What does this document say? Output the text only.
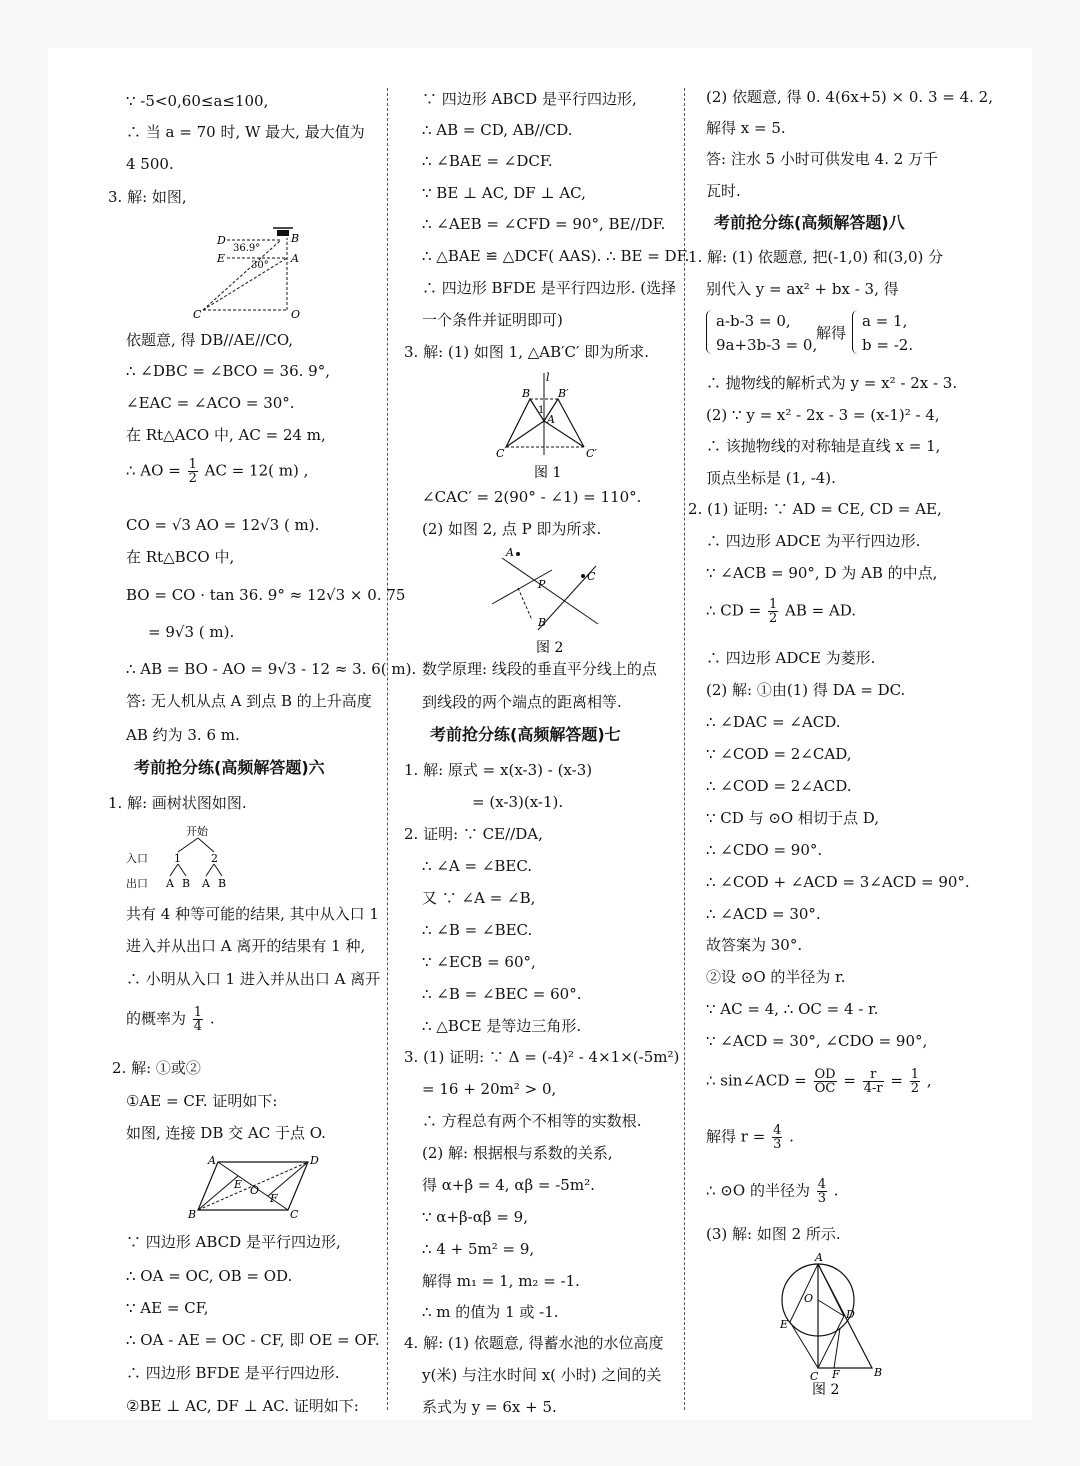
∵ -5<0,60≤a≤100,
∴ 当 a = 70 时, W 最大, 最大值为
4 500.
3. 解: 如图,
D
E
B
A
C	O
36.9°
30°
依题意, 得 DB//AE//CO,
∴ ∠DBC = ∠BCO = 36. 9°,
∠EAC = ∠ACO = 30°.
在 Rt△ACO 中, AC = 24 m,
∴ AO = $\frac{1}{2}$ AC = 12( m) ,
CO = √3 AO = 12√3 ( m).
在 Rt△BCO 中,
BO = CO · tan 36. 9° ≈ 12√3 × 0. 75
= 9√3 ( m).
∴ AB = BO - AO = 9√3 - 12 ≈ 3. 6( m).
答: 无人机从点 A 到点 B 的上升高度
AB 约为 3. 6 m.
考前抢分练(高频解答题)六
1. 解: 画树状图如图.
开始
入口
出口
1	2
A B A B
共有 4 种等可能的结果, 其中从入口 1
进入并从出口 A 离开的结果有 1 种,
∴ 小明从入口 1 进入并从出口 A 离开
的概率为 $\frac{1}{4}$ .
2. 解: ①或②
①AE = CF. 证明如下:
如图, 连接 DB 交 AC 于点 O.
A	D
E O
F
B	C
∵ 四边形 ABCD 是平行四边形,
∴ OA = OC, OB = OD.
∵ AE = CF,
∴ OA - AE = OC - CF, 即 OE = OF.
∴ 四边形 BFDE 是平行四边形.
②BE ⊥ AC, DF ⊥ AC. 证明如下:
∵ 四边形 ABCD 是平行四边形,
∴ AB = CD, AB//CD.
∴ ∠BAE = ∠DCF.
∵ BE ⊥ AC, DF ⊥ AC,
∴ ∠AEB = ∠CFD = 90°, BE//DF.
∴ △BAE ≌ △DCF( AAS). ∴ BE = DF.
∴ 四边形 BFDE 是平行四边形. (选择
一个条件并证明即可)
3. 解: (1) 如图 1, △AB′C′ 即为所求.
l
B	B′
1
A
C	C′
图 1
∠CAC′ = 2(90° - ∠1) = 110°.
(2) 如图 2, 点 P 即为所求.
A
P
C
B
图 2
数学原理: 线段的垂直平分线上的点
到线段的两个端点的距离相等.
考前抢分练(高频解答题)七
1. 解: 原式 = x(x-3) - (x-3)
= (x-3)(x-1).
2. 证明: ∵ CE//DA,
∴ ∠A = ∠BEC.
又 ∵ ∠A = ∠B,
∴ ∠B = ∠BEC.
∵ ∠ECB = 60°,
∴ ∠B = ∠BEC = 60°.
∴ △BCE 是等边三角形.
3. (1) 证明: ∵ Δ = (-4)² - 4×1×(-5m²)
= 16 + 20m² > 0,
∴ 方程总有两个不相等的实数根.
(2) 解: 根据根与系数的关系,
得 α+β = 4, αβ = -5m².
∵ α+β-αβ = 9,
∴ 4 + 5m² = 9,
解得 m₁ = 1, m₂ = -1.
∴ m 的值为 1 或 -1.
4. 解: (1) 依题意, 得蓄水池的水位高度
y(米) 与注水时间 x( 小时) 之间的关
系式为 y = 6x + 5.
(2) 依题意, 得 0. 4(6x+5) × 0. 3 = 4. 2,
解得 x = 5.
答: 注水 5 小时可供发电 4. 2 万千
瓦时.
考前抢分练(高频解答题)八
1. 解: (1) 依题意, 把(-1,0) 和(3,0) 分
别代入 y = ax² + bx - 3, 得
a-b-3 = 0,
9a+3b-3 = 0,
解得
a = 1,
b = -2.
∴ 抛物线的解析式为 y = x² - 2x - 3.
(2) ∵ y = x² - 2x - 3 = (x-1)² - 4,
∴ 该抛物线的对称轴是直线 x = 1,
顶点坐标是 (1, -4).
2. (1) 证明: ∵ AD = CE, CD = AE,
∴ 四边形 ADCE 为平行四边形.
∵ ∠ACB = 90°, D 为 AB 的中点,
∴ CD = $\frac{1}{2}$ AB = AD.
∴ 四边形 ADCE 为菱形.
(2) 解: ①由(1) 得 DA = DC.
∴ ∠DAC = ∠ACD.
∵ ∠COD = 2∠CAD,
∴ ∠COD = 2∠ACD.
∵ CD 与 ⊙O 相切于点 D,
∴ ∠CDO = 90°.
∴ ∠COD + ∠ACD = 3∠ACD = 90°.
∴ ∠ACD = 30°.
故答案为 30°.
②设 ⊙O 的半径为 r.
∵ AC = 4, ∴ OC = 4 - r.
∵ ∠ACD = 30°, ∠CDO = 90°,
∴ sin∠ACD = $\frac{OD}{OC} = \frac{r}{4-r} = \frac{1}{2}$ ,
解得 $r = \frac{4}{3}$ .
∴ ⊙O 的半径为 $\frac{4}{3}$ .
(3) 解: 如图 2 所示.
A
O
D
E
C F	B
图 2
